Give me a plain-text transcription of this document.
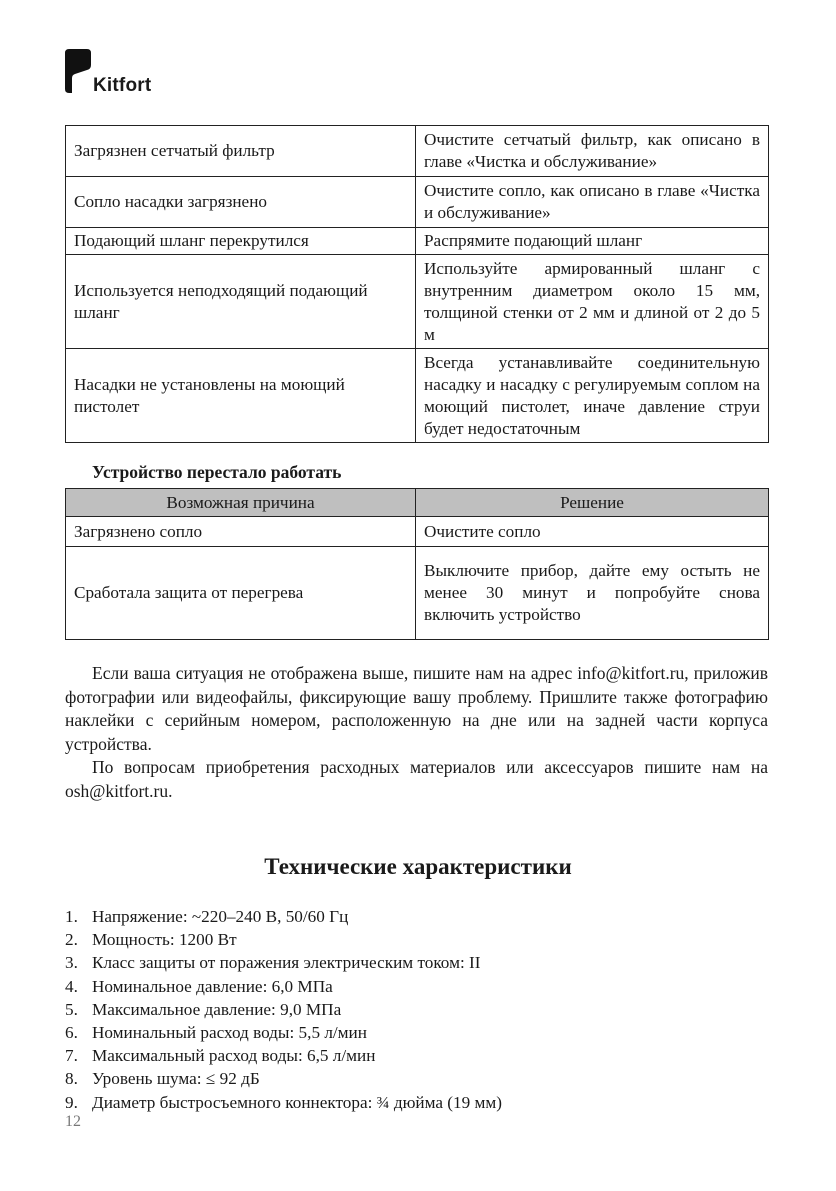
Kitfort
Загрязнен сетчатый фильтр	Очистите сетчатый фильтр, как описано в главе «Чистка и обслуживание»
Сопло насадки загрязнено	Очистите сопло, как описано в главе «Чистка и обслуживание»
Подающий шланг перекрутился	Распрямите подающий шланг
Используется неподходящий подающий шланг	Используйте армированный шланг с внутренним диаметром около 15 мм, толщиной стенки от 2 мм и длиной от 2 до 5 м
Насадки не установлены на моющий пистолет	Всегда устанавливайте соединительную насадку и насадку с регулируемым соплом на моющий пистолет, иначе давление струи будет недостаточным
Устройство перестало работать
Возможная причина	Решение
Загрязнено сопло	Очистите сопло
Сработала защита от перегрева	Выключите прибор, дайте ему остыть не менее 30 минут и попробуйте снова включить устройство

Если ваша ситуация не отображена выше, пишите нам на адрес info@kitfort.ru, приложив фотографии или видеофайлы, фиксирующие вашу проблему. Пришлите также фотографию наклейки с серийным номером, расположенную на дне или на задней части корпуса устройства.

По вопросам приобретения расходных материалов или аксессуаров пишите нам на osh@kitfort.ru.

Технические характеристики
1. Напряжение: ~220–240 В, 50/60 Гц
2. Мощность: 1200 Вт
3. Класс защиты от поражения электрическим током: II
4. Номинальное давление: 6,0 МПа
5. Максимальное давление: 9,0 МПа
6. Номинальный расход воды: 5,5 л/мин
7. Максимальный расход воды: 6,5 л/мин
8. Уровень шума: ≤ 92 дБ
9. Диаметр быстросъемного коннектора: ¾ дюйма (19 мм)
12
